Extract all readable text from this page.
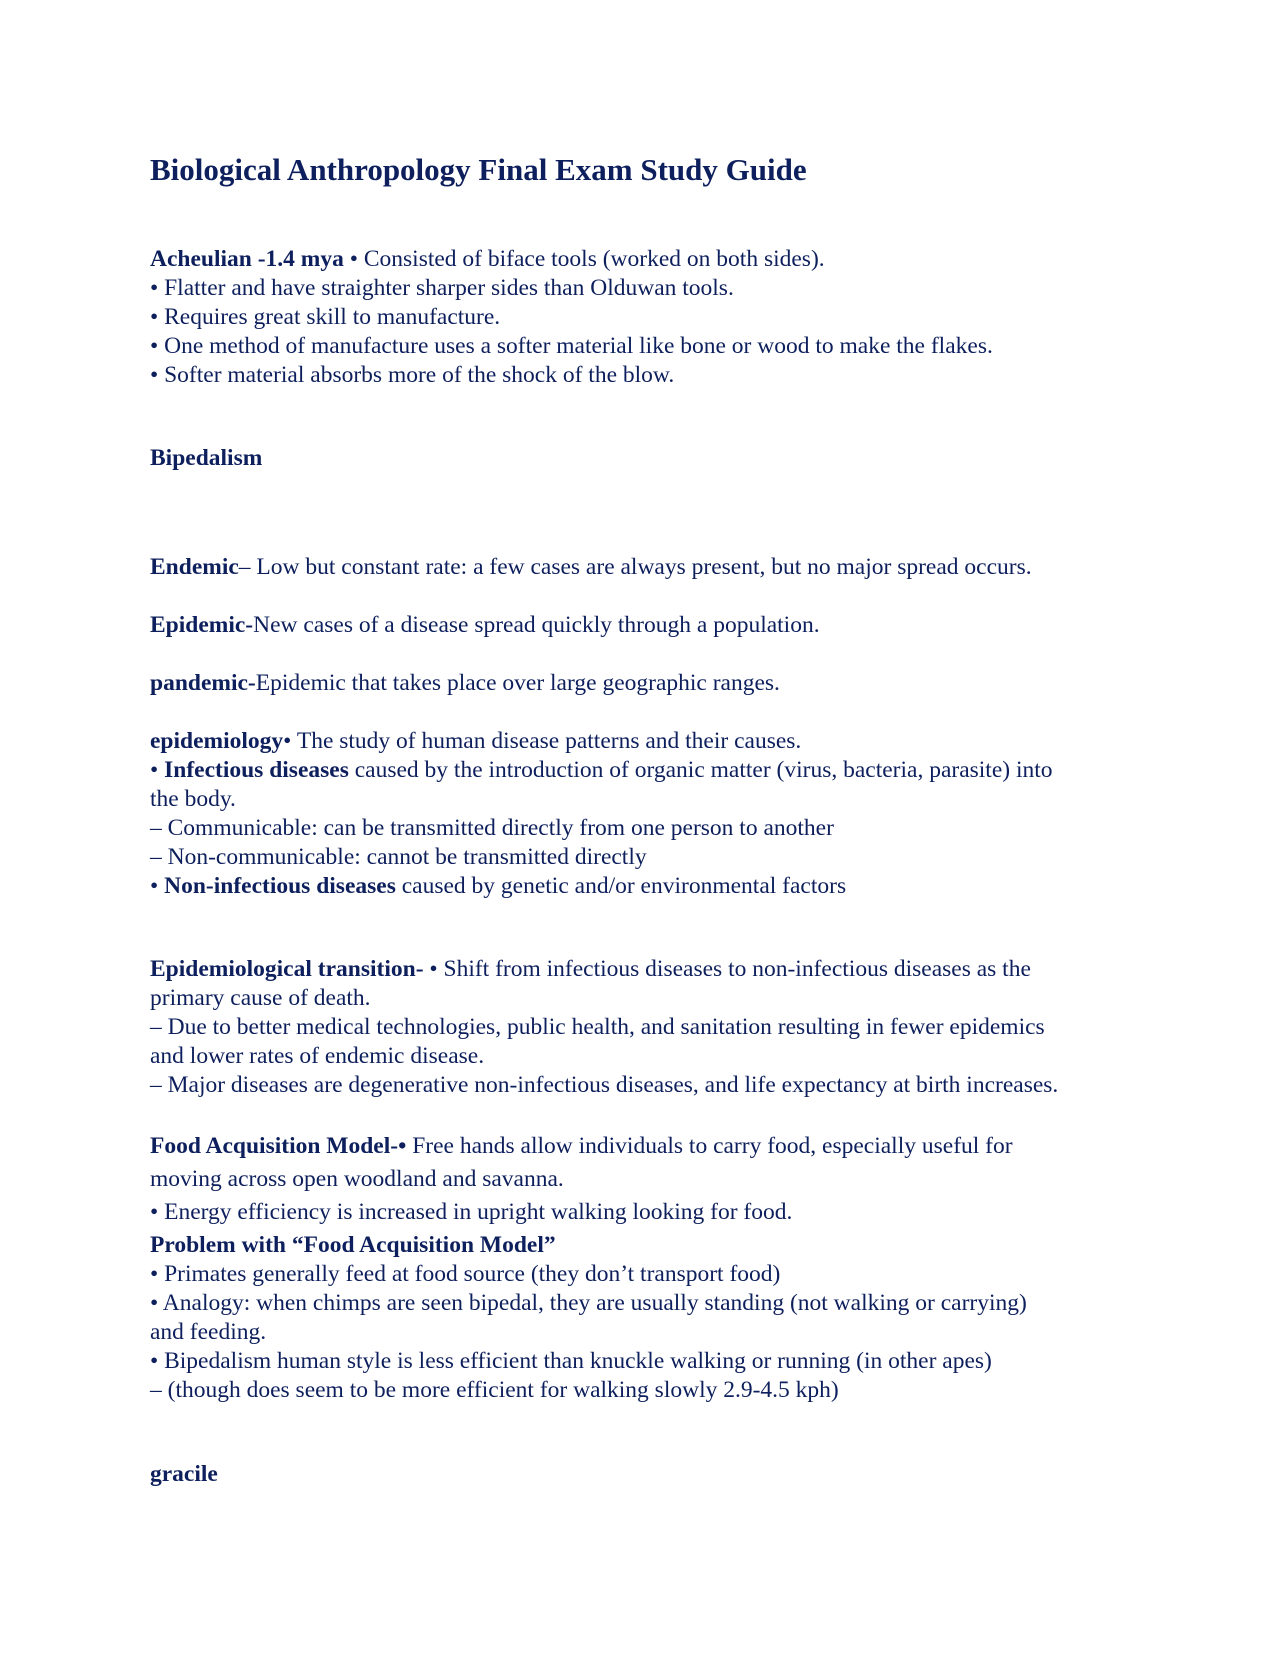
Biological Anthropology Final Exam Study Guide

Acheulian -1.4 mya • Consisted of biface tools (worked on both sides).

• Flatter and have straighter sharper sides than Olduwan tools.

• Requires great skill to manufacture.

• One method of manufacture uses a softer material like bone or wood to make the flakes.

• Softer material absorbs more of the shock of the blow.

Bipedalism

Endemic– Low but constant rate: a few cases are always present, but no major spread occurs.

Epidemic-New cases of a disease spread quickly through a population.

pandemic-Epidemic that takes place over large geographic ranges.

epidemiology• The study of human disease patterns and their causes.

• Infectious diseases caused by the introduction of organic matter (virus, bacteria, parasite) into

the body.

– Communicable: can be transmitted directly from one person to another

– Non-communicable: cannot be transmitted directly

• Non-infectious diseases caused by genetic and/or environmental factors

Epidemiological transition- • Shift from infectious diseases to non-infectious diseases as the

primary cause of death.

– Due to better medical technologies, public health, and sanitation resulting in fewer epidemics

and lower rates of endemic disease.

– Major diseases are degenerative non-infectious diseases, and life expectancy at birth increases.

Food Acquisition Model-• Free hands allow individuals to carry food, especially useful for

moving across open woodland and savanna.

• Energy efficiency is increased in upright walking looking for food.

Problem with “Food Acquisition Model”

• Primates generally feed at food source (they don’t transport food)

• Analogy: when chimps are seen bipedal, they are usually standing (not walking or carrying)

and feeding.

• Bipedalism human style is less efficient than knuckle walking or running (in other apes)

– (though does seem to be more efficient for walking slowly 2.9-4.5 kph)

gracile
